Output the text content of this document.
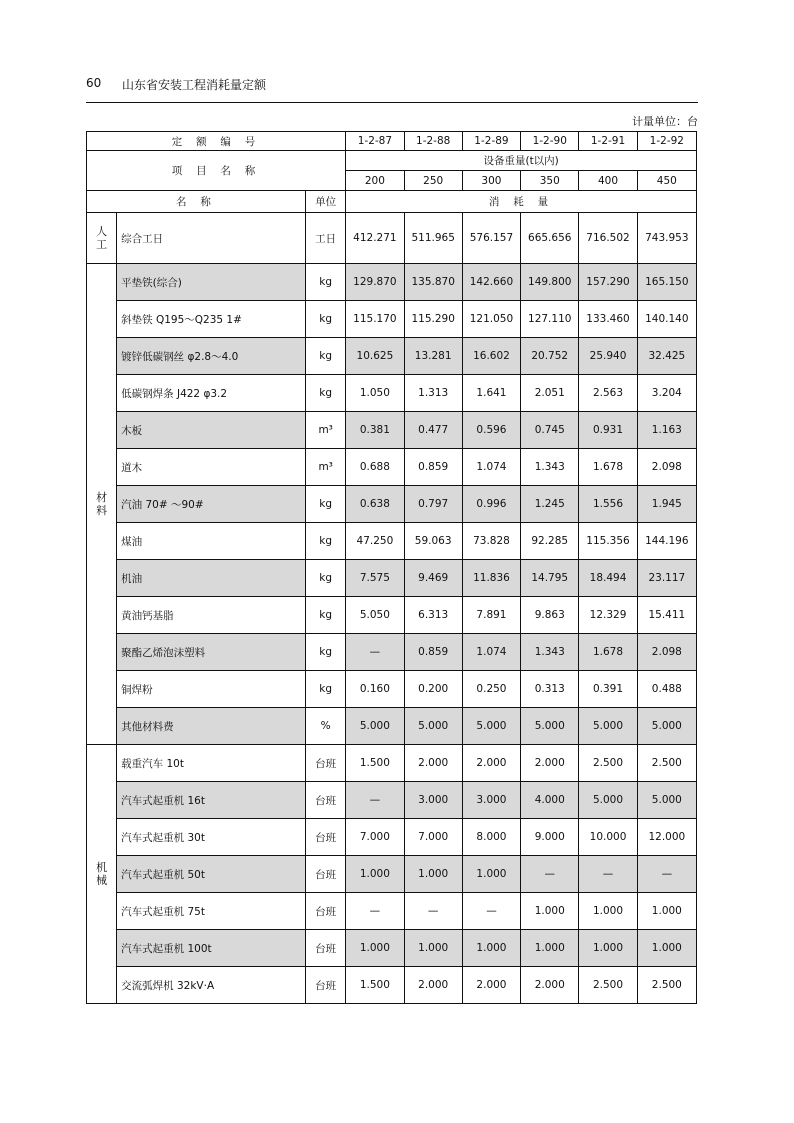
60 山东省安装工程消耗量定额
计量单位：台
定 额 编 号			1-2-87	1-2-88	1-2-89	1-2-90	1-2-91	1-2-92
项 目 名 称			设备重量(t以内)					
			200	250	300	350	400	450
名 称		单位	消 耗 量					
人 工	综合工日	工日	412.271	511.965	576.157	665.656	716.502	743.953
材 料	平垫铁(综合)	kg	129.870	135.870	142.660	149.800	157.290	165.150
	斜垫铁 Q195～Q235 1#	kg	115.170	115.290	121.050	127.110	133.460	140.140
	镀锌低碳钢丝 φ2.8～4.0	kg	10.625	13.281	16.602	20.752	25.940	32.425
	低碳钢焊条 J422 φ3.2	kg	1.050	1.313	1.641	2.051	2.563	3.204
	木板	m³	0.381	0.477	0.596	0.745	0.931	1.163
	道木	m³	0.688	0.859	1.074	1.343	1.678	2.098
	汽油 70# ～90#	kg	0.638	0.797	0.996	1.245	1.556	1.945
	煤油	kg	47.250	59.063	73.828	92.285	115.356	144.196
	机油	kg	7.575	9.469	11.836	14.795	18.494	23.117
	黄油钙基脂	kg	5.050	6.313	7.891	9.863	12.329	15.411
	聚酯乙烯泡沫塑料	kg	—	0.859	1.074	1.343	1.678	2.098
	铜焊粉	kg	0.160	0.200	0.250	0.313	0.391	0.488
	其他材料费	%	5.000	5.000	5.000	5.000	5.000	5.000
机 械	载重汽车 10t	台班	1.500	2.000	2.000	2.000	2.500	2.500
	汽车式起重机 16t	台班	—	3.000	3.000	4.000	5.000	5.000
	汽车式起重机 30t	台班	7.000	7.000	8.000	9.000	10.000	12.000
	汽车式起重机 50t	台班	1.000	1.000	1.000	—	—	—
	汽车式起重机 75t	台班	—	—	—	1.000	1.000	1.000
	汽车式起重机 100t	台班	1.000	1.000	1.000	1.000	1.000	1.000
	交流弧焊机 32kV·A	台班	1.500	2.000	2.000	2.000	2.500	2.500
